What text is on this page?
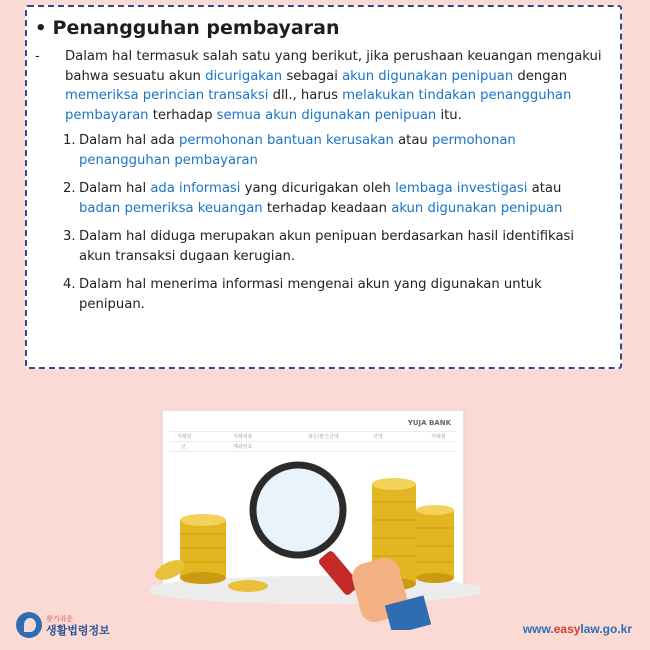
• Penangguhan pembayaran
-	Dalam hal termasuk salah satu yang berikut, jika perushaan keuangan mengakui bahwa sesuatu akun dicurigakan sebagai akun digunakan penipuan dengan memeriksa perincian transaksi dll., harus melakukan tindakan penangguhan pembayaran terhadap semua akun digunakan penipuan itu.
1. Dalam hal ada permohonan bantuan kerusakan atau permohonan penangguhan pembayaran
2. Dalam hal ada informasi yang dicurigakan oleh lembaga investigasi atau badan pemeriksa keuangan terhadap keadaan akun digunakan penipuan
3. Dalam hal diduga merupakan akun penipuan berdasarkan hasil identifikasi akun transaksi dugaan kerugian.
4. Dalam hal menerima informasi mengenai akun yang digunakan untuk penipuan.
YUJA BANK
거래일	거래내용	찾은/맡긴금액	잔액	거래점
년	계좌번호
찾기쉬운
생활법령정보	www.easylaw.go.kr
